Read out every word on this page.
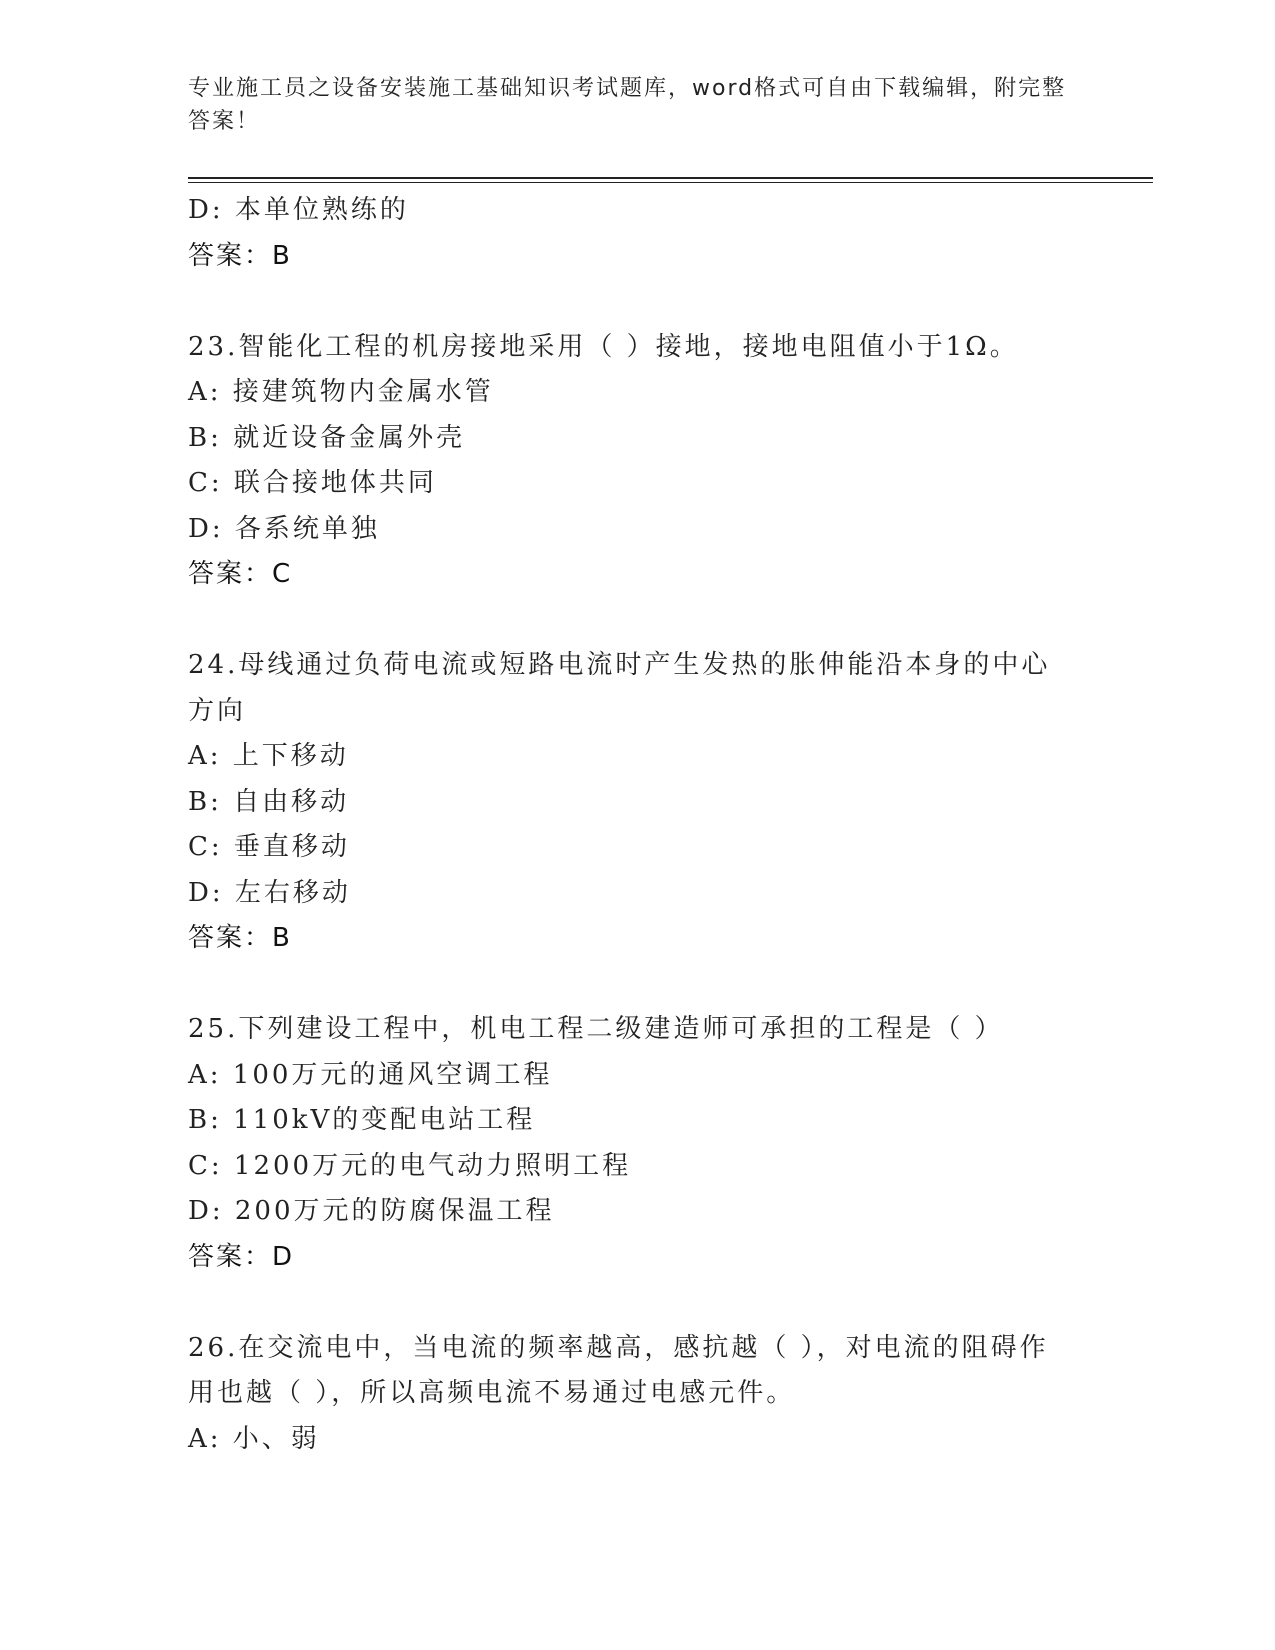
专业施工员之设备安装施工基础知识考试题库，word格式可自由下载编辑，附完整答案！
D: 本单位熟练的
答案：B
23.智能化工程的机房接地采用（ ）接地，接地电阻值小于1Ω。
A: 接建筑物内金属水管
B: 就近设备金属外壳
C: 联合接地体共同
D: 各系统单独
答案：C
24.母线通过负荷电流或短路电流时产生发热的胀伸能沿本身的中心方向
A: 上下移动
B: 自由移动
C: 垂直移动
D: 左右移动
答案：B
25.下列建设工程中，机电工程二级建造师可承担的工程是（ ）
A: 100万元的通风空调工程
B: 110kV的变配电站工程
C: 1200万元的电气动力照明工程
D: 200万元的防腐保温工程
答案：D
26.在交流电中，当电流的频率越高，感抗越（ ），对电流的阻碍作用也越（ ），所以高频电流不易通过电感元件。
A: 小、弱
